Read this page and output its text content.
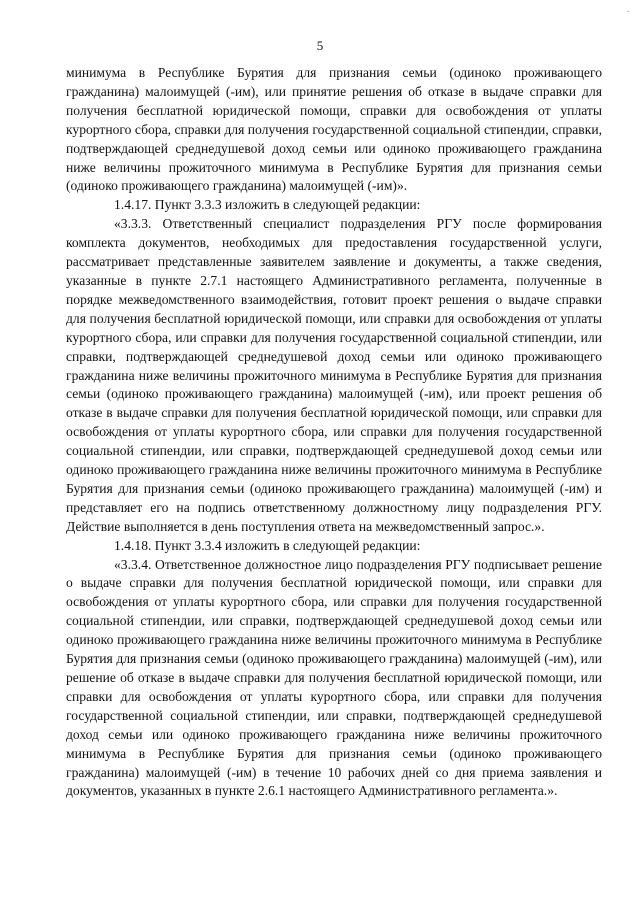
·
5

минимума в Республике Бурятия для признания семьи (одиноко проживающего гражданина) малоимущей (-им), или принятие решения об отказе в выдаче справки для получения бесплатной юридической помощи, справки для освобождения от уплаты курортного сбора, справки для получения государственной социальной стипендии, справки, подтверждающей среднедушевой доход семьи или одиноко проживающего гражданина ниже величины прожиточного минимума в Республике Бурятия для признания семьи (одиноко проживающего гражданина) малоимущей (-им)».

1.4.17. Пункт 3.3.3 изложить в следующей редакции:

«3.3.3. Ответственный специалист подразделения РГУ после формирования комплекта документов, необходимых для предоставления государственной услуги, рассматривает представленные заявителем заявление и документы, а также сведения, указанные в пункте 2.7.1 настоящего Административного регламента, полученные в порядке межведомственного взаимодействия, готовит проект решения о выдаче справки для получения бесплатной юридической помощи, или справки для освобождения от уплаты курортного сбора, или справки для получения государственной социальной стипендии, или справки, подтверждающей среднедушевой доход семьи или одиноко проживающего гражданина ниже величины прожиточного минимума в Республике Бурятия для признания семьи (одиноко проживающего гражданина) малоимущей (-им), или проект решения об отказе в выдаче справки для получения бесплатной юридической помощи, или справки для освобождения от уплаты курортного сбора, или справки для получения государственной социальной стипендии, или справки, подтверждающей среднедушевой доход семьи или одиноко проживающего гражданина ниже величины прожиточного минимума в Республике Бурятия для признания семьи (одиноко проживающего гражданина) малоимущей (-им) и представляет его на подпись ответственному должностному лицу подразделения РГУ. Действие выполняется в день поступления ответа на межведомственный запрос.».

1.4.18. Пункт 3.3.4 изложить в следующей редакции:

«3.3.4. Ответственное должностное лицо подразделения РГУ подписывает решение о выдаче справки для получения бесплатной юридической помощи, или справки для освобождения от уплаты курортного сбора, или справки для получения государственной социальной стипендии, или справки, подтверждающей среднедушевой доход семьи или одиноко проживающего гражданина ниже величины прожиточного минимума в Республике Бурятия для признания семьи (одиноко проживающего гражданина) малоимущей (-им), или решение об отказе в выдаче справки для получения бесплатной юридической помощи, или справки для освобождения от уплаты курортного сбора, или справки для получения государственной социальной стипендии, или справки, подтверждающей среднедушевой доход семьи или одиноко проживающего гражданина ниже величины прожиточного минимума в Республике Бурятия для признания семьи (одиноко проживающего гражданина) малоимущей (-им) в течение 10 рабочих дней со дня приема заявления и документов, указанных в пункте 2.6.1 настоящего Административного регламента.».
